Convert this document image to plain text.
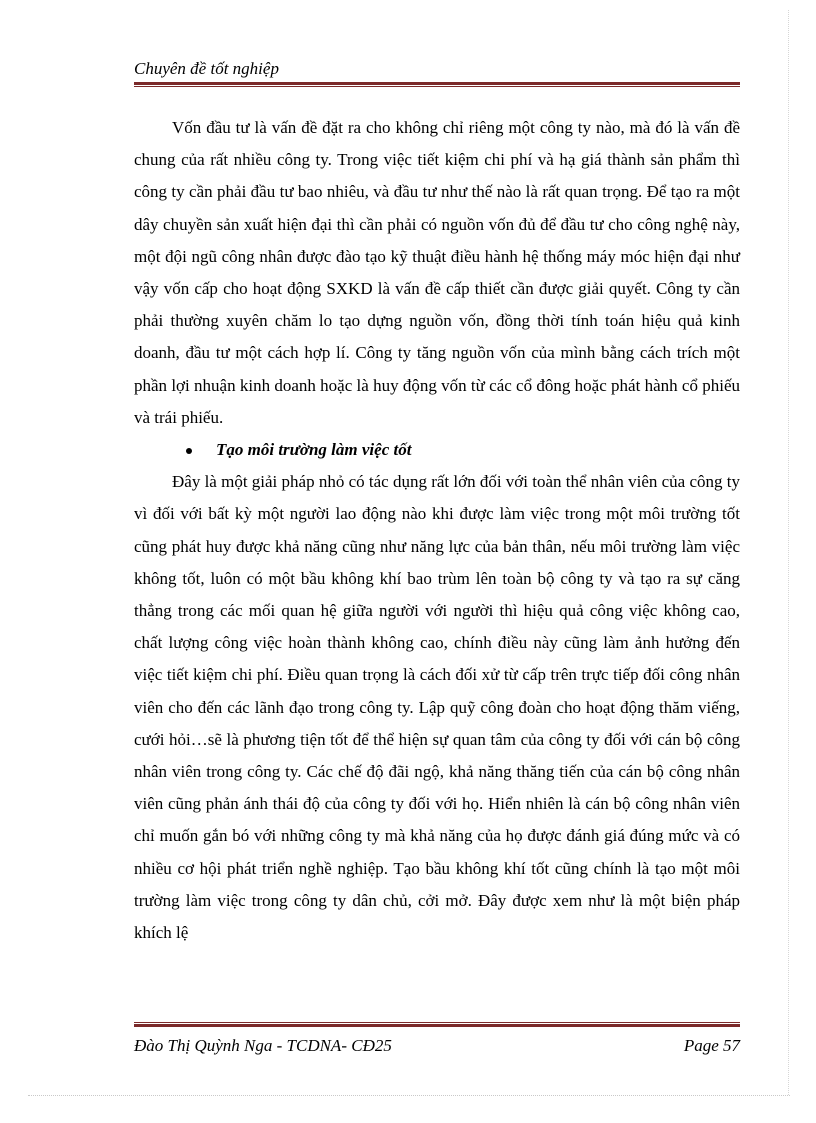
Chuyên đề tốt nghiệp

Vốn đầu tư là vấn đề đặt ra cho không chỉ riêng một công ty nào, mà đó là vấn đề chung của rất nhiều công ty. Trong việc tiết kiệm chi phí và hạ giá thành sản phẩm thì công ty cần phải đầu tư bao nhiêu, và đầu tư như thế nào là rất quan trọng. Để tạo ra một dây chuyền sản xuất hiện đại thì cần phải có nguồn vốn đủ để đầu tư cho công nghệ này, một đội ngũ công nhân được đào tạo kỹ thuật điều hành hệ thống máy móc hiện đại như vậy vốn cấp cho hoạt động SXKD là vấn đề cấp thiết cần được giải quyết. Công ty cần phải thường xuyên chăm lo tạo dựng nguồn vốn, đồng thời tính toán hiệu quả kinh doanh, đầu tư một cách hợp lí. Công ty tăng nguồn vốn của mình bằng cách trích một phần lợi nhuận kinh doanh hoặc là huy động vốn từ các cổ đông hoặc phát hành cổ phiếu và trái phiếu.

Tạo môi trường làm việc tốt

Đây là một giải pháp nhỏ có tác dụng rất lớn đối với toàn thể nhân viên của công ty vì đối với bất kỳ một người lao động nào khi được làm việc trong một môi trường tốt cũng phát huy được khả năng cũng như năng lực của bản thân, nếu môi trường làm việc không tốt, luôn có một bầu không khí bao trùm lên toàn bộ công ty và tạo ra sự căng thẳng trong các mối quan hệ giữa người với người thì hiệu quả công việc không cao, chất lượng công việc hoàn thành không cao, chính điều này cũng làm ảnh hưởng đến việc tiết kiệm chi phí. Điều quan trọng là cách đối xử từ cấp trên trực tiếp đối công nhân viên cho đến các lãnh đạo trong công ty. Lập quỹ công đoàn cho hoạt động thăm viếng, cưới hỏi…sẽ là phương tiện tốt để thể hiện sự quan tâm của công ty đối với cán bộ công nhân viên trong công ty. Các chế độ đãi ngộ, khả năng thăng tiến của cán bộ công nhân viên cũng phản ánh thái độ của công ty đối với họ. Hiển nhiên là cán bộ công nhân viên chỉ muốn gắn bó với những công ty mà khả năng của họ được đánh giá đúng mức và có nhiều cơ hội phát triển nghề nghiệp. Tạo bầu không khí tốt cũng chính là tạo một môi trường làm việc trong công ty dân chủ, cởi mở. Đây được xem như là một biện pháp khích lệ

Đào Thị Quỳnh Nga - TCDNA- CĐ25	Page 57
